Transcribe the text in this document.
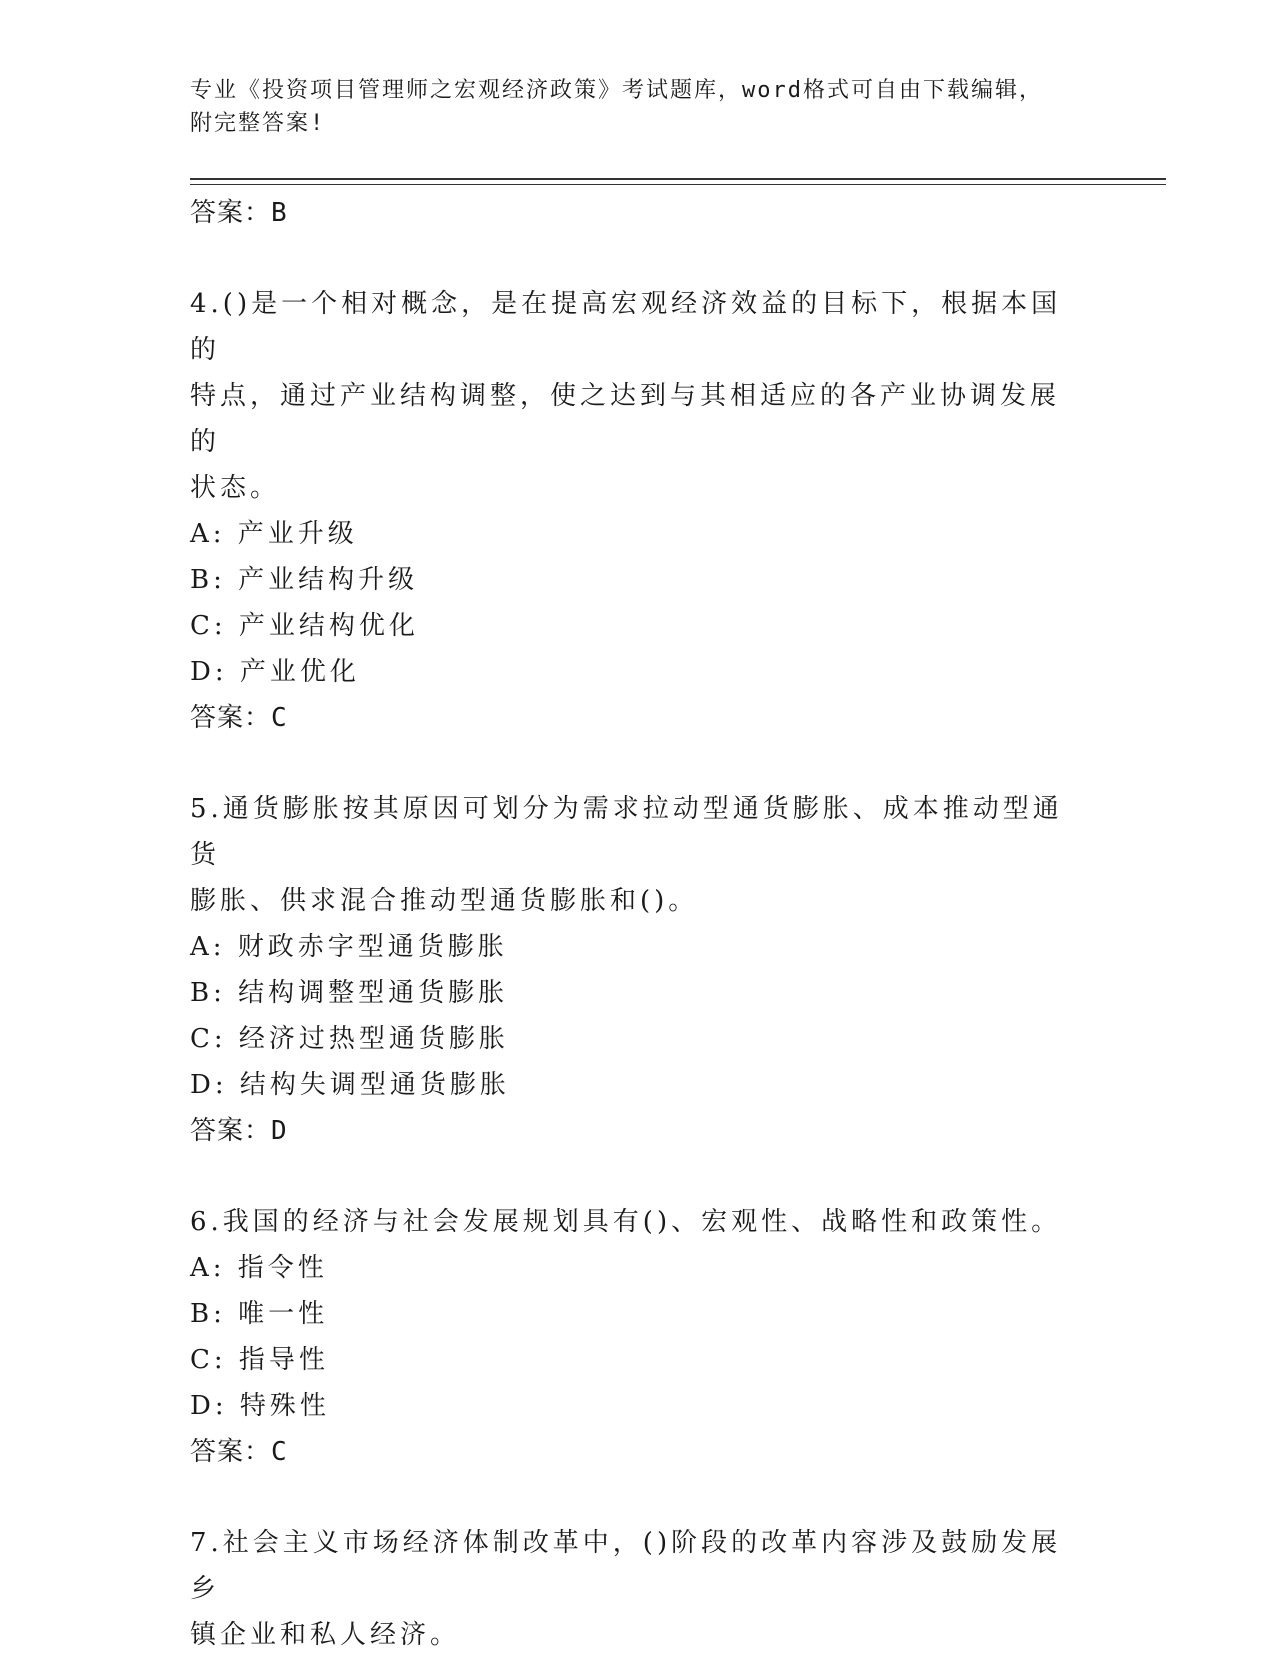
专业《投资项目管理师之宏观经济政策》考试题库，word格式可自由下载编辑，
附完整答案!
答案：B
4.()是一个相对概念，是在提高宏观经济效益的目标下，根据本国的
特点，通过产业结构调整，使之达到与其相适应的各产业协调发展的
状态。
A: 产业升级
B: 产业结构升级
C: 产业结构优化
D: 产业优化
答案：C
5.通货膨胀按其原因可划分为需求拉动型通货膨胀、成本推动型通货
膨胀、供求混合推动型通货膨胀和()。
A: 财政赤字型通货膨胀
B: 结构调整型通货膨胀
C: 经济过热型通货膨胀
D: 结构失调型通货膨胀
答案：D
6.我国的经济与社会发展规划具有()、宏观性、战略性和政策性。
A: 指令性
B: 唯一性
C: 指导性
D: 特殊性
答案：C
7.社会主义市场经济体制改革中，()阶段的改革内容涉及鼓励发展乡
镇企业和私人经济。
